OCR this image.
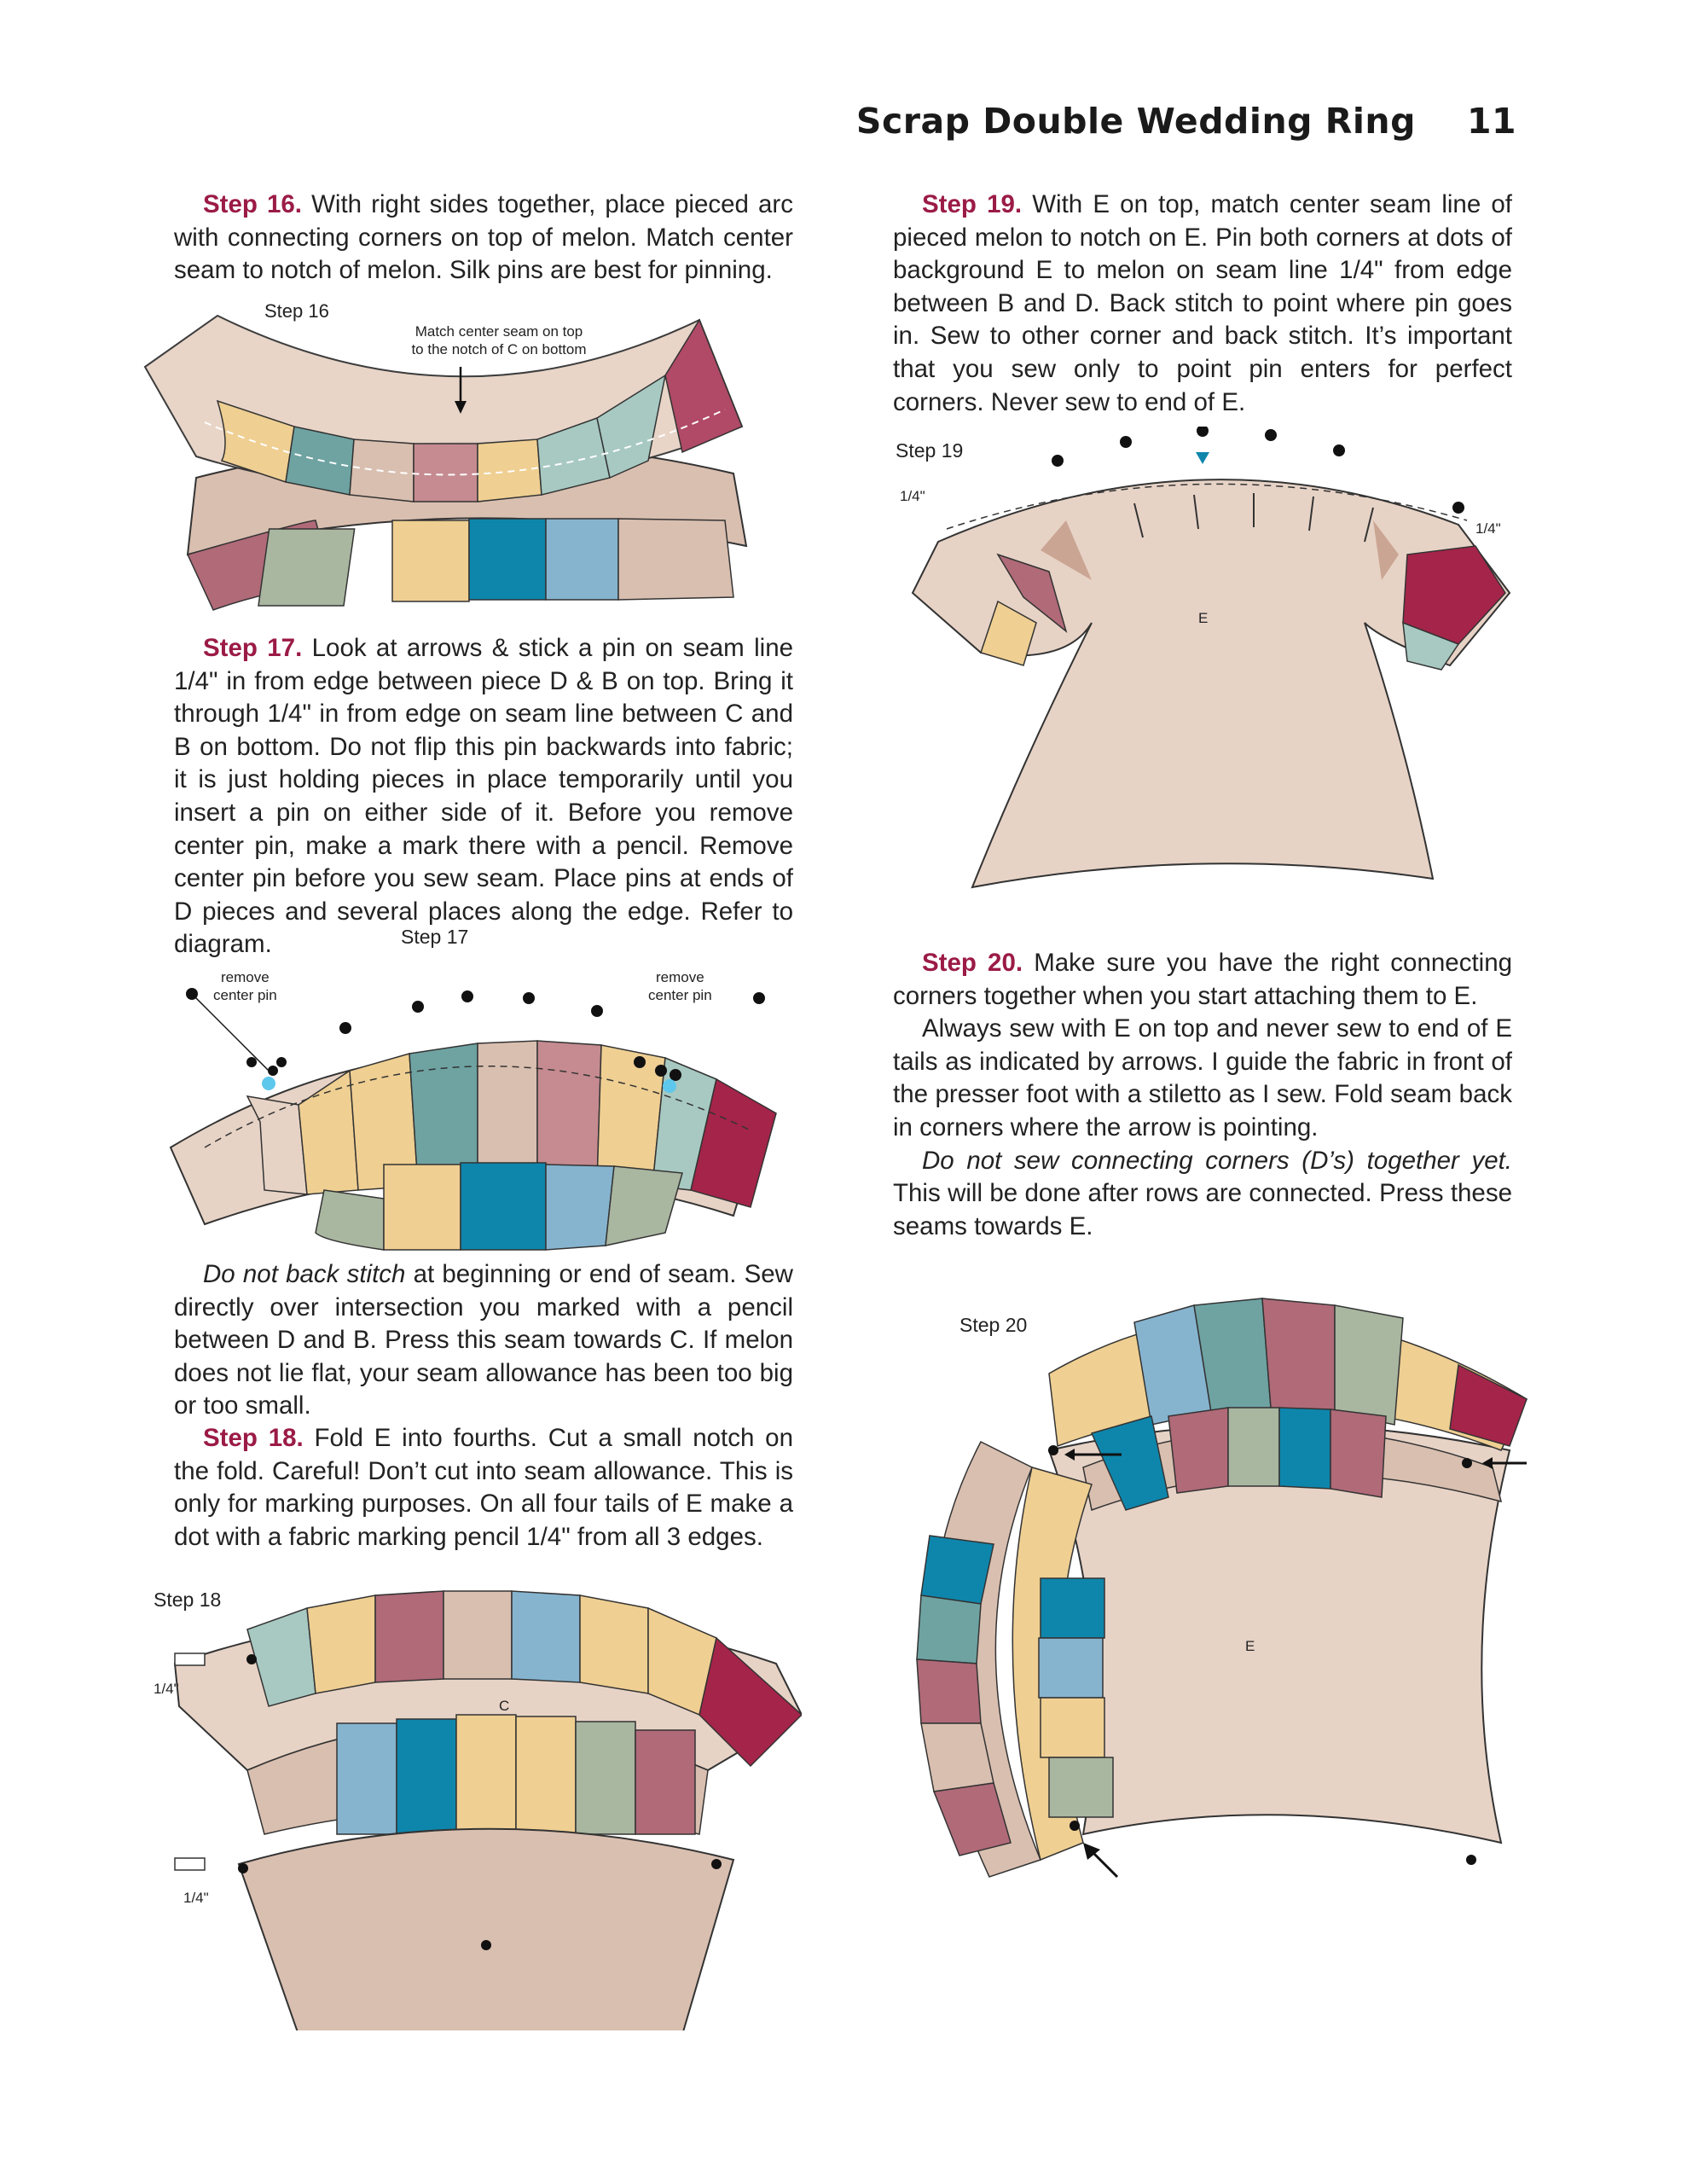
Scrap Double Wedding Ring 11

Step 16. With right sides together, place pieced arc with connecting corners on top of melon. Match center seam to notch of melon. Silk pins are best for pinning.

Step 16
Match center seam on top
to the notch of C on bottom

Step 17. Look at arrows & stick a pin on seam line 1/4" in from edge between piece D & B on top. Bring it through 1/4" in from edge on seam line between C and B on bottom. Do not flip this pin backwards into fabric; it is just holding pieces in place temporarily until you insert a pin on either side of it. Before you remove center pin, make a mark there with a pencil. Remove center pin before you sew seam. Place pins at ends of D pieces and several places along the edge. Refer to diagram.	Step 17
remove
center pin
remove
center pin

Do not back stitch at beginning or end of seam. Sew directly over intersection you marked with a pencil between D and B. Press this seam towards C. If melon does not lie flat, your seam allowance has been too big or too small.

Step 18. Fold E into fourths. Cut a small notch on the fold. Careful! Don’t cut into seam allowance. This is only for marking purposes. On all four tails of E make a dot with a fabric marking pencil 1/4" from all 3 edges.

Step 18
1/4"
1/4"
C

Step 19. With E on top, match center seam line of pieced melon to notch on E. Pin both corners at dots of background E to melon on seam line 1/4" from edge between B and D. Back stitch to point where pin goes in. Sew to other corner and back stitch. It’s important that you sew only to point pin enters for perfect corners. Never sew to end of E.

Step 19
1/4"
1/4"
E

Step 20. Make sure you have the right connecting corners together when you start attaching them to E.

Always sew with E on top and never sew to end of E tails as indicated by arrows. I guide the fabric in front of the presser foot with a stiletto as I sew. Fold seam back in corners where the arrow is pointing.

Do not sew connecting corners (D’s) together yet. This will be done after rows are connected. Press these seams towards E.

Step 20
E
